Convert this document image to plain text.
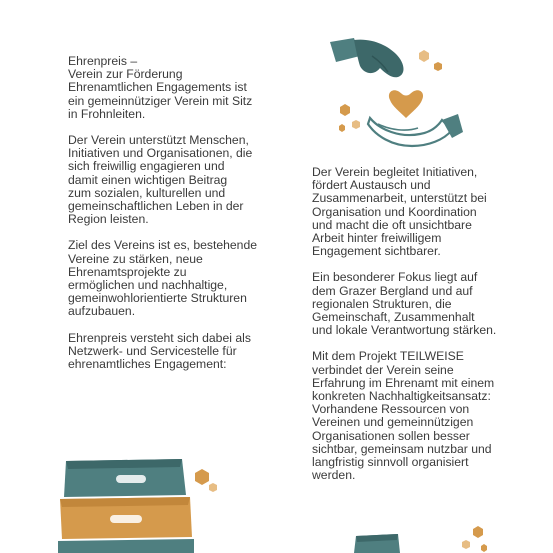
Ehrenpreis –
Verein zur Förderung
Ehrenamtlichen Engagements ist
ein gemeinnütziger Verein mit Sitz
in Frohnleiten.

Der Verein unterstützt Menschen,
Initiativen und Organisationen, die
sich freiwillig engagieren und
damit einen wichtigen Beitrag
zum sozialen, kulturellen und
gemeinschaftlichen Leben in der
Region leisten.

Ziel des Vereins ist es, bestehende
Vereine zu stärken, neue
Ehrenamtsprojekte zu
ermöglichen und nachhaltige,
gemeinwohlorientierte Strukturen
aufzubauen.

Ehrenpreis versteht sich dabei als
Netzwerk- und Servicestelle für
ehrenamtliches Engagement:

Der Verein begleitet Initiativen,
fördert Austausch und
Zusammenarbeit, unterstützt bei
Organisation und Koordination
und macht die oft unsichtbare
Arbeit hinter freiwilligem
Engagement sichtbarer.

Ein besonderer Fokus liegt auf
dem Grazer Bergland und auf
regionalen Strukturen, die
Gemeinschaft, Zusammenhalt
und lokale Verantwortung stärken.

Mit dem Projekt TEILWEISE
verbindet der Verein seine
Erfahrung im Ehrenamt mit einem
konkreten Nachhaltigkeitsansatz:
Vorhandene Ressourcen von
Vereinen und gemeinnützigen
Organisationen sollen besser
sichtbar, gemeinsam nutzbar und
langfristig sinnvoll organisiert
werden.
